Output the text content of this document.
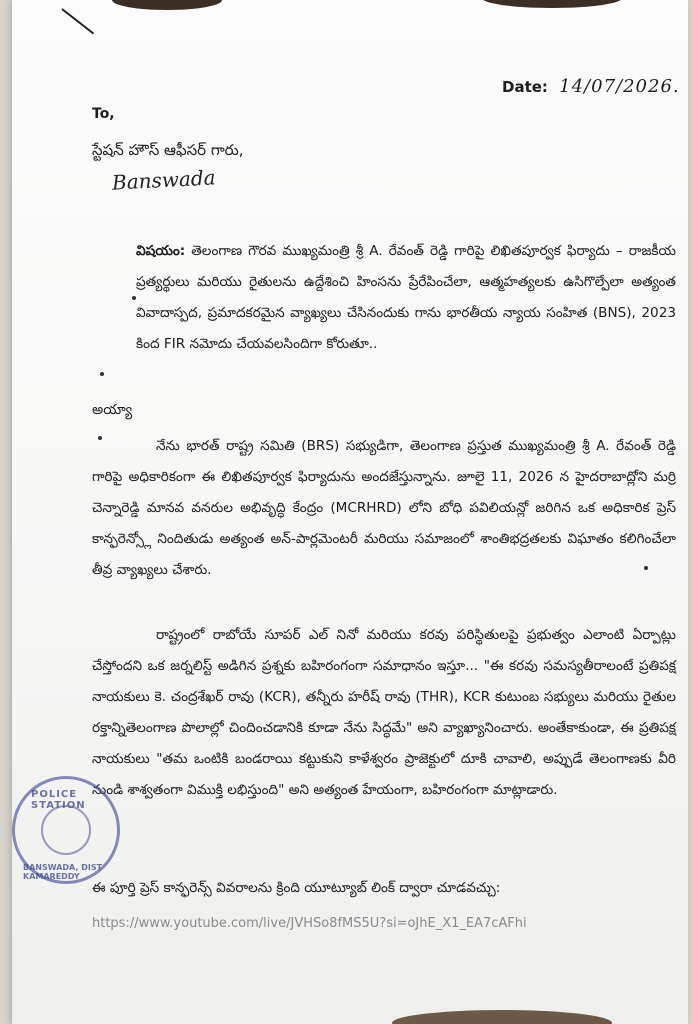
Date: 14/07/2026.
To,
స్టేషన్ హౌస్ ఆఫీసర్ గారు,
Banswada
విషయం: తెలంగాణ గౌరవ ముఖ్యమంత్రి శ్రీ A. రేవంత్ రెడ్డి గారిపై లిఖితపూర్వక ఫిర్యాదు – రాజకీయ ప్రత్యర్థులు మరియు రైతులను ఉద్దేశించి హింసను ప్రేరేపించేలా, ఆత్మహత్యలకు ఉసిగొల్పేలా అత్యంత వివాదాస్పద, ప్రమాదకరమైన వ్యాఖ్యలు చేసినందుకు గాను భారతీయ న్యాయ సంహిత (BNS), 2023 కింద FIR నమోదు చేయవలసిందిగా కోరుతూ..
అయ్యా
నేను భారత్ రాష్ట్ర సమితి (BRS) సభ్యుడిగా, తెలంగాణ ప్రస్తుత ముఖ్యమంత్రి శ్రీ A. రేవంత్ రెడ్డి గారిపై అధికారికంగా ఈ లిఖితపూర్వక ఫిర్యాదును అందజేస్తున్నాను. జూలై 11, 2026 న హైదరాబాద్లోని మర్రి చెన్నారెడ్డి మానవ వనరుల అభివృద్ధి కేంద్రం (MCRHRD) లోని బోధి పవిలియన్లో జరిగిన ఒక అధికారిక ప్రెస్ కాన్ఫరెన్స్లో నిందితుడు అత్యంత అన్-పార్లమెంటరీ మరియు సమాజంలో శాంతిభద్రతలకు విఘాతం కలిగించేలా తీవ్ర వ్యాఖ్యలు చేశారు.
రాష్ట్రంలో రాబోయే సూపర్ ఎల్ నినో మరియు కరవు పరిస్థితులపై ప్రభుత్వం ఎలాంటి ఏర్పాట్లు చేస్తోందని ఒక జర్నలిస్ట్ అడిగిన ప్రశ్నకు బహిరంగంగా సమాధానం ఇస్తూ... "ఈ కరవు సమస్యతీరాలంటే ప్రతిపక్ష నాయకులు కె. చంద్రశేఖర్ రావు (KCR), తన్నీరు హరీష్ రావు (THR), KCR కుటుంబ సభ్యులు మరియు రైతుల రక్తాన్నితెలంగాణ పొలాల్లో చిందించడానికి కూడా నేను సిద్ధమే" అని వ్యాఖ్యానించారు. అంతేకాకుండా, ఈ ప్రతిపక్ష నాయకులు "తమ ఒంటికి బండరాయి కట్టుకుని కాళేశ్వరం ప్రాజెక్టులో దూకి చావాలి, అప్పుడే తెలంగాణకు వీరి నుండి శాశ్వతంగా విముక్తి లభిస్తుంది" అని అత్యంత హేయంగా, బహిరంగంగా మాట్లాడారు.
ఈ పూర్తి ప్రెస్ కాన్ఫరెన్స్ వివరాలను క్రింది యూట్యూబ్ లింక్ ద్వారా చూడవచ్చు:
https://www.youtube.com/live/JVHSo8fMS5U?si=oJhE_X1_EA7cAFhi
POLICE STATION
BANSWADA, DIST KAMAREDDY
